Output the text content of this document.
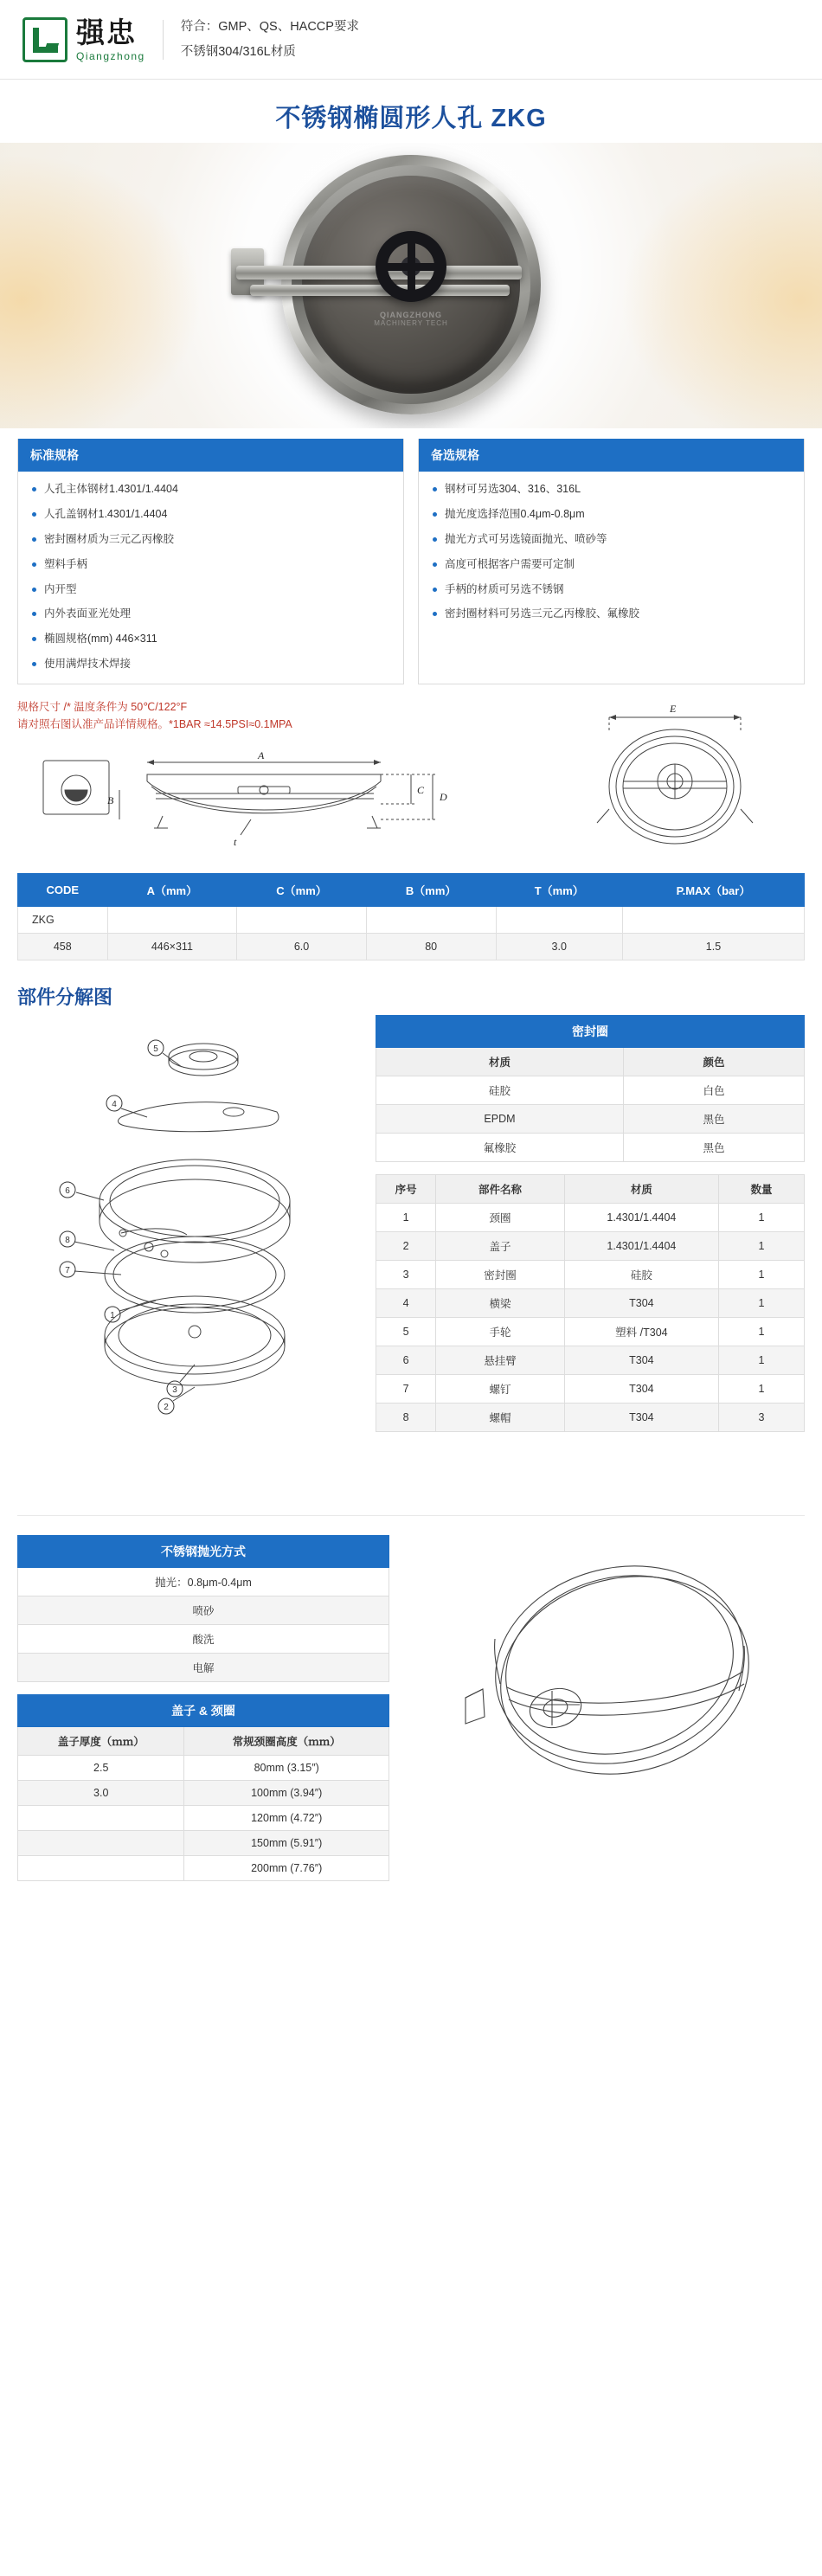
强忠
Qiangzhong
符合：GMP、QS、HACCP要求
不锈钢304/316L材质
不锈钢椭圆形人孔 ZKG
QIANGZHONG
MACHINERY TECH
标准规格
人孔主体钢材1.4301/1.4404
人孔盖钢材1.4301/1.4404
密封圈材质为三元乙丙橡胶
塑料手柄
内开型
内外表面亚光处理
椭圆规格(mm) 446×311
使用满焊技术焊接
备选规格
钢材可另选304、316、316L
抛光度选择范围0.4μm-0.8μm
抛光方式可另选镜面抛光、喷砂等
高度可根据客户需要可定制
手柄的材质可另选不锈钢
密封圈材料可另选三元乙丙橡胶、氟橡胶
规格尺寸 /* 温度条件为 50℃/122°F
请对照右图认准产品详情规格。*1BAR ≈14.5PSI≈0.1MPA
A
B
C
D
t
E
CODE	A（mm）	C（mm）	B（mm）	T（mm）	P.MAX（bar）
ZKG					
458	446×311	6.0	80	3.0	1.5
部件分解图
5
4
6
8
7
1
3
2
密封圈	
材质	颜色
硅胶	白色
EPDM	黑色
氟橡胶	黑色
序号	部件名称	材质	数量
1	颈圈	1.4301/1.4404	1
2	盖子	1.4301/1.4404	1
3	密封圈	硅胶	1
4	横梁	T304	1
5	手轮	塑料 /T304	1
6	悬挂臂	T304	1
7	螺钉	T304	1
8	螺帽	T304	3
不锈钢抛光方式
抛光：0.8μm-0.4μm
喷砂
酸洗
电解
盖子 & 颈圈	
盖子厚度（ｍｍ）	常规颈圈高度（ｍｍ）
2.5	80mm (3.15″)
3.0	100mm (3.94″)
	120mm (4.72″)
	150mm (5.91″)
	200mm (7.76″)
